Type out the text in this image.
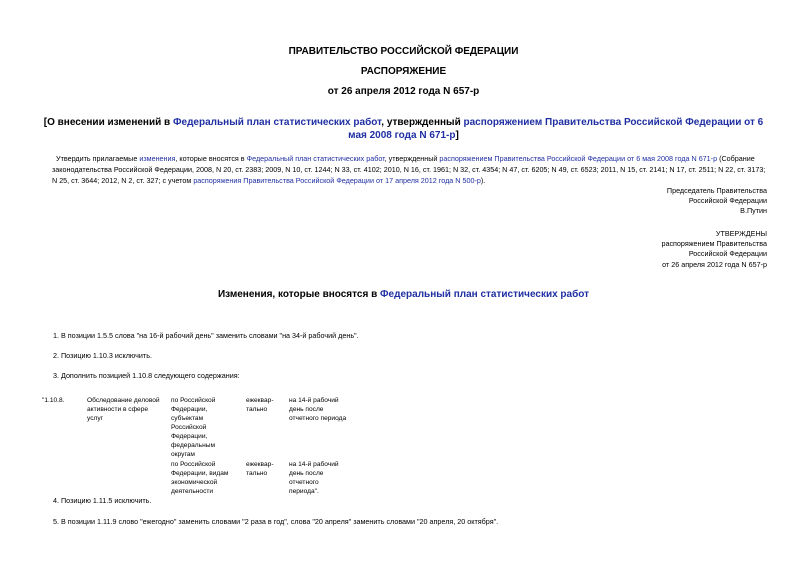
ПРАВИТЕЛЬСТВО РОССИЙСКОЙ ФЕДЕРАЦИИ
РАСПОРЯЖЕНИЕ
от 26 апреля 2012 года N 657-р
[О внесении изменений в Федеральный план статистических работ, утвержденный распоряжением Правительства Российской Федерации от 6 мая 2008 года N 671-р]
Утвердить прилагаемые изменения, которые вносятся в Федеральный план статистических работ, утвержденный распоряжением Правительства Российской Федерации от 6 мая 2008 года N 671-р (Собрание законодательства Российской Федерации, 2008, N 20, ст. 2383; 2009, N 10, ст. 1244; N 33, ст. 4102; 2010, N 16, ст. 1961; N 32, ст. 4354; N 47, ст. 6205; N 49, ст. 6523; 2011, N 15, ст. 2141; N 17, ст. 2511; N 22, ст. 3173; N 25, ст. 3644; 2012, N 2, ст. 327; с учетом распоряжения Правительства Российской Федерации от 17 апреля 2012 года N 500-р).
Председатель Правительства
Российской Федерации
В.Путин
УТВЕРЖДЕНЫ
распоряжением Правительства
Российской Федерации
от 26 апреля 2012 года N 657-р
Изменения, которые вносятся в Федеральный план статистических работ
1. В позиции 1.5.5 слова "на 16-й рабочий день" заменить словами "на 34-й рабочий день".
2. Позицию 1.10.3 исключить.
3. Дополнить позицией 1.10.8 следующего содержания:
"1.10.8.	Обследование деловой активности в сфере услуг
по Российской Федерации, субъектам Российской Федерации, федеральным округам
ежеквар-тально
на 14-й рабочий день после отчетного периода
по Российской Федерации, видам экономической деятельности
ежеквар-тально
на 14-й рабочий день после отчетного периода".
4. Позицию 1.11.5 исключить.
5. В позиции 1.11.9 слово "ежегодно" заменить словами "2 раза в год", слова "20 апреля" заменить словами "20 апреля, 20 октября".
